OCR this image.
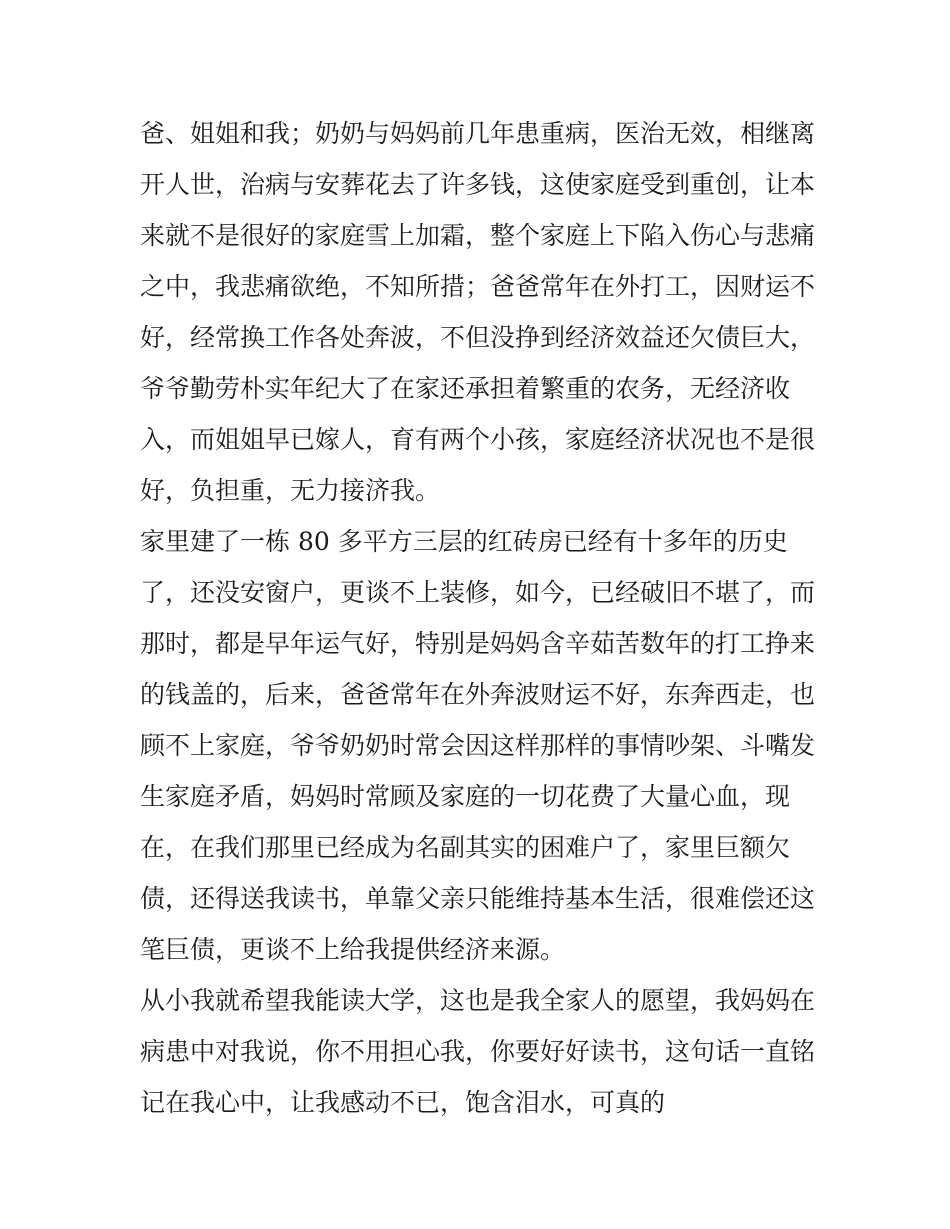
爸、姐姐和我；奶奶与妈妈前几年患重病，医治无效，相继离
开人世，治病与安葬花去了许多钱，这使家庭受到重创，让本
来就不是很好的家庭雪上加霜，整个家庭上下陷入伤心与悲痛
之中，我悲痛欲绝，不知所措；爸爸常年在外打工，因财运不
好，经常换工作各处奔波，不但没挣到经济效益还欠债巨大，
爷爷勤劳朴实年纪大了在家还承担着繁重的农务，无经济收
入，而姐姐早已嫁人，育有两个小孩，家庭经济状况也不是很
好，负担重，无力接济我。
家里建了一栋 80 多平方三层的红砖房已经有十多年的历史
了，还没安窗户，更谈不上装修，如今，已经破旧不堪了，而
那时，都是早年运气好，特别是妈妈含辛茹苦数年的打工挣来
的钱盖的，后来，爸爸常年在外奔波财运不好，东奔西走，也
顾不上家庭，爷爷奶奶时常会因这样那样的事情吵架、斗嘴发
生家庭矛盾，妈妈时常顾及家庭的一切花费了大量心血，现
在，在我们那里已经成为名副其实的困难户了，家里巨额欠
债，还得送我读书，单靠父亲只能维持基本生活，很难偿还这
笔巨债，更谈不上给我提供经济来源。
从小我就希望我能读大学，这也是我全家人的愿望，我妈妈在
病患中对我说，你不用担心我，你要好好读书，这句话一直铭
记在我心中，让我感动不已，饱含泪水，可真的
